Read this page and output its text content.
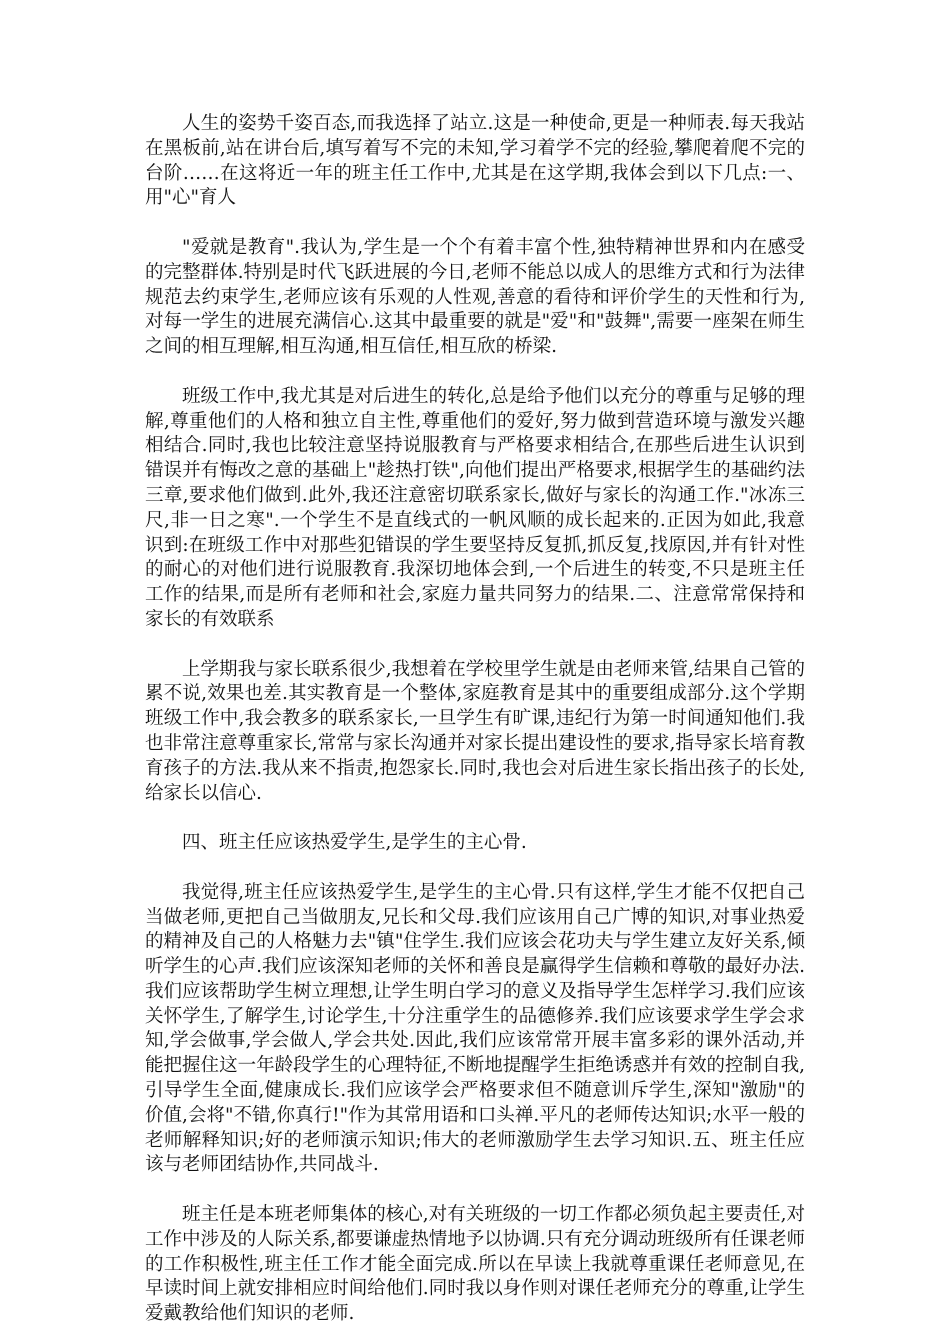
人生的姿势千姿百态,而我选择了站立.这是一种使命,更是一种师表.每天我站在黑板前,站在讲台后,填写着写不完的未知,学习着学不完的经验,攀爬着爬不完的台阶……在这将近一年的班主任工作中,尤其是在这学期,我体会到以下几点:一、用"心"育人

"爱就是教育".我认为,学生是一个个有着丰富个性,独特精神世界和内在感受的完整群体.特别是时代飞跃进展的今日,老师不能总以成人的思维方式和行为法律规范去约束学生,老师应该有乐观的人性观,善意的看待和评价学生的天性和行为,对每一学生的进展充满信心.这其中最重要的就是"爱"和"鼓舞",需要一座架在师生之间的相互理解,相互沟通,相互信任,相互欣的桥梁.

班级工作中,我尤其是对后进生的转化,总是给予他们以充分的尊重与足够的理解,尊重他们的人格和独立自主性,尊重他们的爱好,努力做到营造环境与激发兴趣相结合.同时,我也比较注意坚持说服教育与严格要求相结合,在那些后进生认识到错误并有悔改之意的基础上"趁热打铁",向他们提出严格要求,根据学生的基础约法三章,要求他们做到.此外,我还注意密切联系家长,做好与家长的沟通工作."冰冻三尺,非一日之寒".一个学生不是直线式的一帆风顺的成长起来的.正因为如此,我意识到:在班级工作中对那些犯错误的学生要坚持反复抓,抓反复,找原因,并有针对性的耐心的对他们进行说服教育.我深切地体会到,一个后进生的转变,不只是班主任工作的结果,而是所有老师和社会,家庭力量共同努力的结果.二、注意常常保持和家长的有效联系

上学期我与家长联系很少,我想着在学校里学生就是由老师来管,结果自己管的累不说,效果也差.其实教育是一个整体,家庭教育是其中的重要组成部分.这个学期班级工作中,我会教多的联系家长,一旦学生有旷课,违纪行为第一时间通知他们.我也非常注意尊重家长,常常与家长沟通并对家长提出建设性的要求,指导家长培育教育孩子的方法.我从来不指责,抱怨家长.同时,我也会对后进生家长指出孩子的长处,给家长以信心.

四、班主任应该热爱学生,是学生的主心骨.

我觉得,班主任应该热爱学生,是学生的主心骨.只有这样,学生才能不仅把自己当做老师,更把自己当做朋友,兄长和父母.我们应该用自己广博的知识,对事业热爱的精神及自己的人格魅力去"镇"住学生.我们应该会花功夫与学生建立友好关系,倾听学生的心声.我们应该深知老师的关怀和善良是赢得学生信赖和尊敬的最好办法.我们应该帮助学生树立理想,让学生明白学习的意义及指导学生怎样学习.我们应该关怀学生,了解学生,讨论学生,十分注重学生的品德修养.我们应该要求学生学会求知,学会做事,学会做人,学会共处.因此,我们应该常常开展丰富多彩的课外活动,并能把握住这一年龄段学生的心理特征,不断地提醒学生拒绝诱惑并有效的控制自我,引导学生全面,健康成长.我们应该学会严格要求但不随意训斥学生,深知"激励"的价值,会将"不错,你真行!"作为其常用语和口头禅.平凡的老师传达知识;水平一般的老师解释知识;好的老师演示知识;伟大的老师激励学生去学习知识.五、班主任应该与老师团结协作,共同战斗.

班主任是本班老师集体的核心,对有关班级的一切工作都必须负起主要责任,对工作中涉及的人际关系,都要谦虚热情地予以协调.只有充分调动班级所有任课老师的工作积极性,班主任工作才能全面完成.所以在早读上我就尊重课任老师意见,在早读时间上就安排相应时间给他们.同时我以身作则对课任老师充分的尊重,让学生爱戴教给他们知识的老师.
